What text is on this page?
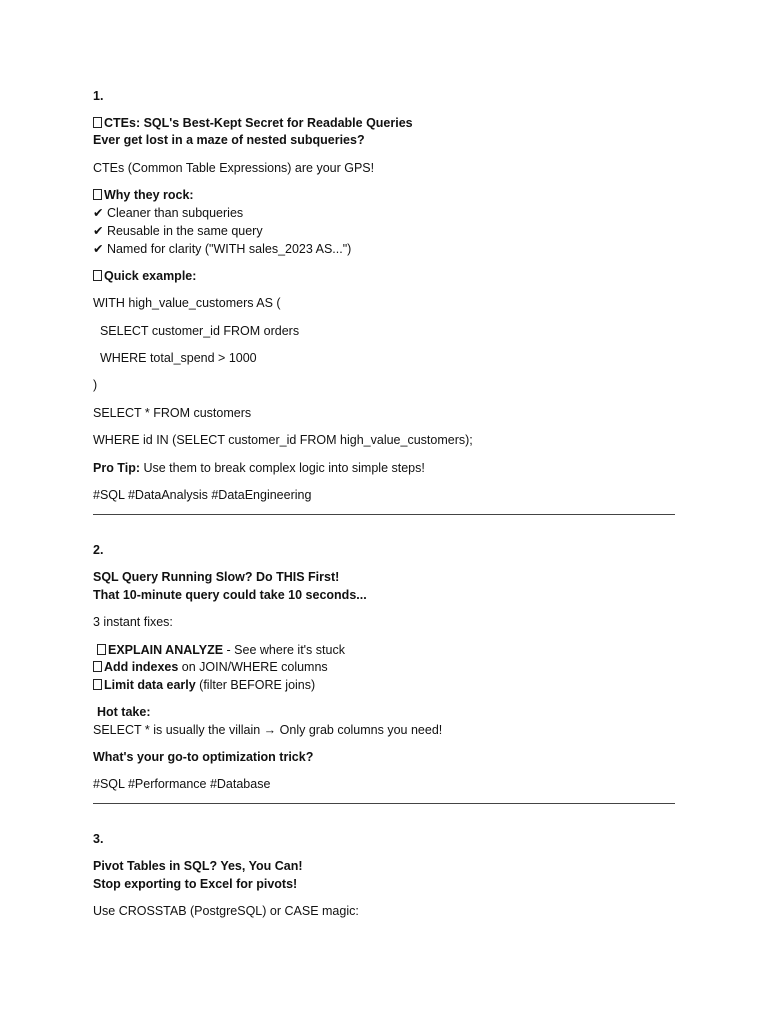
1.
CTEs: SQL's Best-Kept Secret for Readable Queries
Ever get lost in a maze of nested subqueries?
CTEs (Common Table Expressions) are your GPS!
Why they rock:
✔ Cleaner than subqueries
✔ Reusable in the same query
✔ Named for clarity ("WITH sales_2023 AS...")
Quick example:
WITH high_value_customers AS (
SELECT customer_id FROM orders
WHERE total_spend > 1000
)
SELECT * FROM customers
WHERE id IN (SELECT customer_id FROM high_value_customers);
Pro Tip: Use them to break complex logic into simple steps!
#SQL #DataAnalysis #DataEngineering
2.
SQL Query Running Slow? Do THIS First!
That 10-minute query could take 10 seconds...
3 instant fixes:
EXPLAIN ANALYZE - See where it's stuck
Add indexes on JOIN/WHERE columns
Limit data early (filter BEFORE joins)
Hot take:
SELECT * is usually the villain → Only grab columns you need!
What's your go-to optimization trick?
#SQL #Performance #Database
3.
Pivot Tables in SQL? Yes, You Can!
Stop exporting to Excel for pivots!
Use CROSSTAB (PostgreSQL) or CASE magic:
